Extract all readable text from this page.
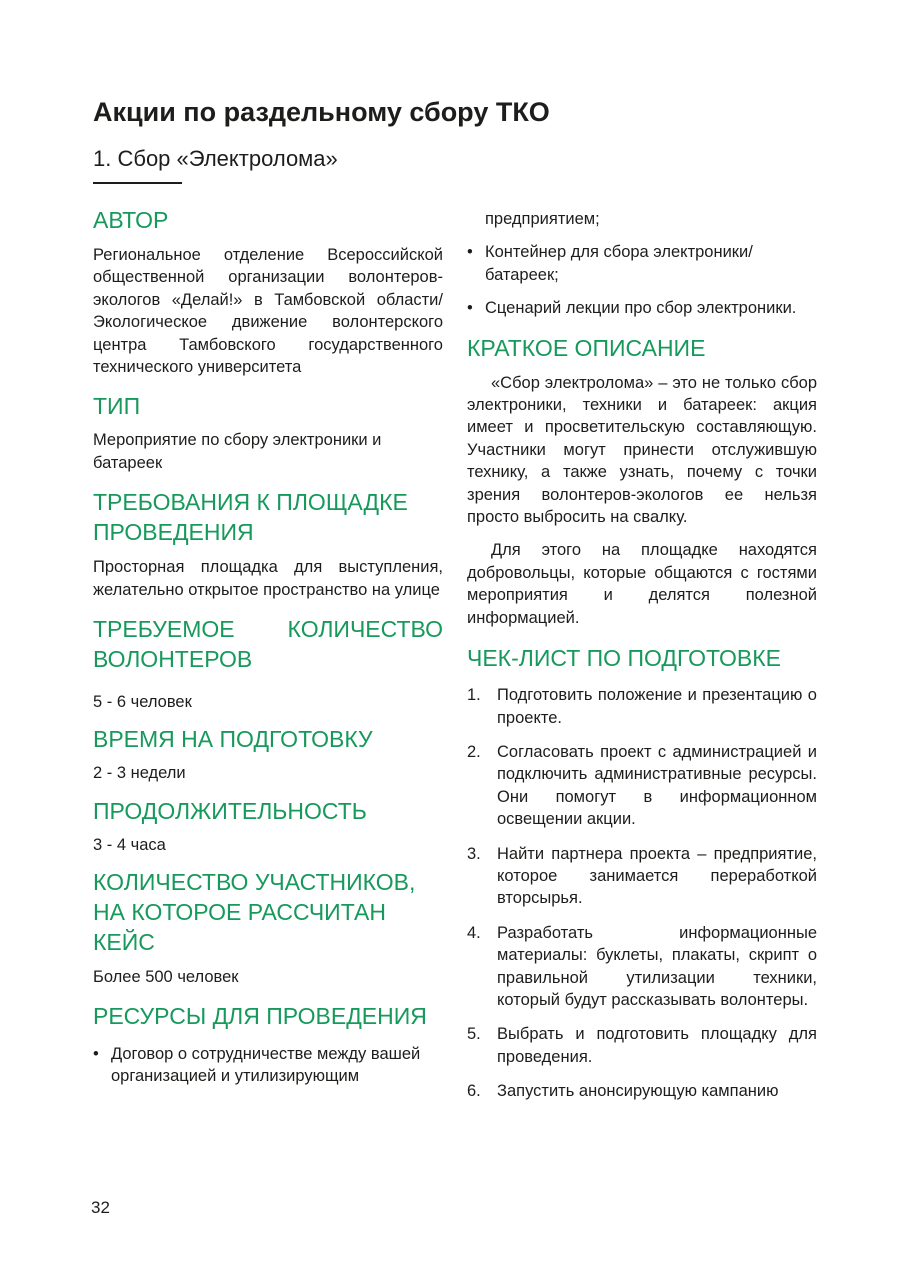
Акции по раздельному сбору ТКО
1. Сбор «Электролома»
АВТОР

Региональное отделение Всероссийской общественной организации волонтеров-экологов «Делай!» в Тамбовской области/Экологическое движение волонтерского центра Тамбовского государственного технического университета

ТИП

Мероприятие по сбору электроники и батареек

ТРЕБОВАНИЯ К ПЛОЩАДКЕ ПРОВЕДЕНИЯ

Просторная площадка для выступления, желательно открытое пространство на улице

ТРЕБУЕМОЕ КОЛИЧЕСТВО ВОЛОНТЕРОВ

5 - 6 человек

ВРЕМЯ НА ПОДГОТОВКУ

2 - 3 недели

ПРОДОЛЖИТЕЛЬНОСТЬ

3 - 4 часа

КОЛИЧЕСТВО УЧАСТНИКОВ, НА КОТОРОЕ РАССЧИТАН КЕЙС

Более 500 человек

РЕСУРСЫ ДЛЯ ПРОВЕДЕНИЯ
• Договор о сотрудничестве между вашей организацией и утилизирующим
предприятием;
• Контейнер для сбора электроники/ батареек;
• Сценарий лекции про сбор электроники.
КРАТКОЕ ОПИСАНИЕ

«Сбор электролома» – это не только сбор электроники, техники и батареек: акция имеет и просветительскую составляющую. Участники могут принести отслужившую технику, а также узнать, почему с точки зрения волонтеров-экологов ее нельзя просто выбросить на свалку.

Для этого на площадке находятся добровольцы, которые общаются с гостями мероприятия и делятся полезной информацией.

ЧЕК-ЛИСТ ПО ПОДГОТОВКЕ
1. Подготовить положение и презентацию о проекте.
2. Согласовать проект с администрацией и подключить административные ресурсы. Они помогут в информационном освещении акции.
3. Найти партнера проекта – предприятие, которое занимается переработкой вторсырья.
4. Разработать информационные материалы: буклеты, плакаты, скрипт о правильной утилизации техники, который будут рассказывать волонтеры.
5. Выбрать и подготовить площадку для проведения.
6. Запустить анонсирующую кампанию
32
